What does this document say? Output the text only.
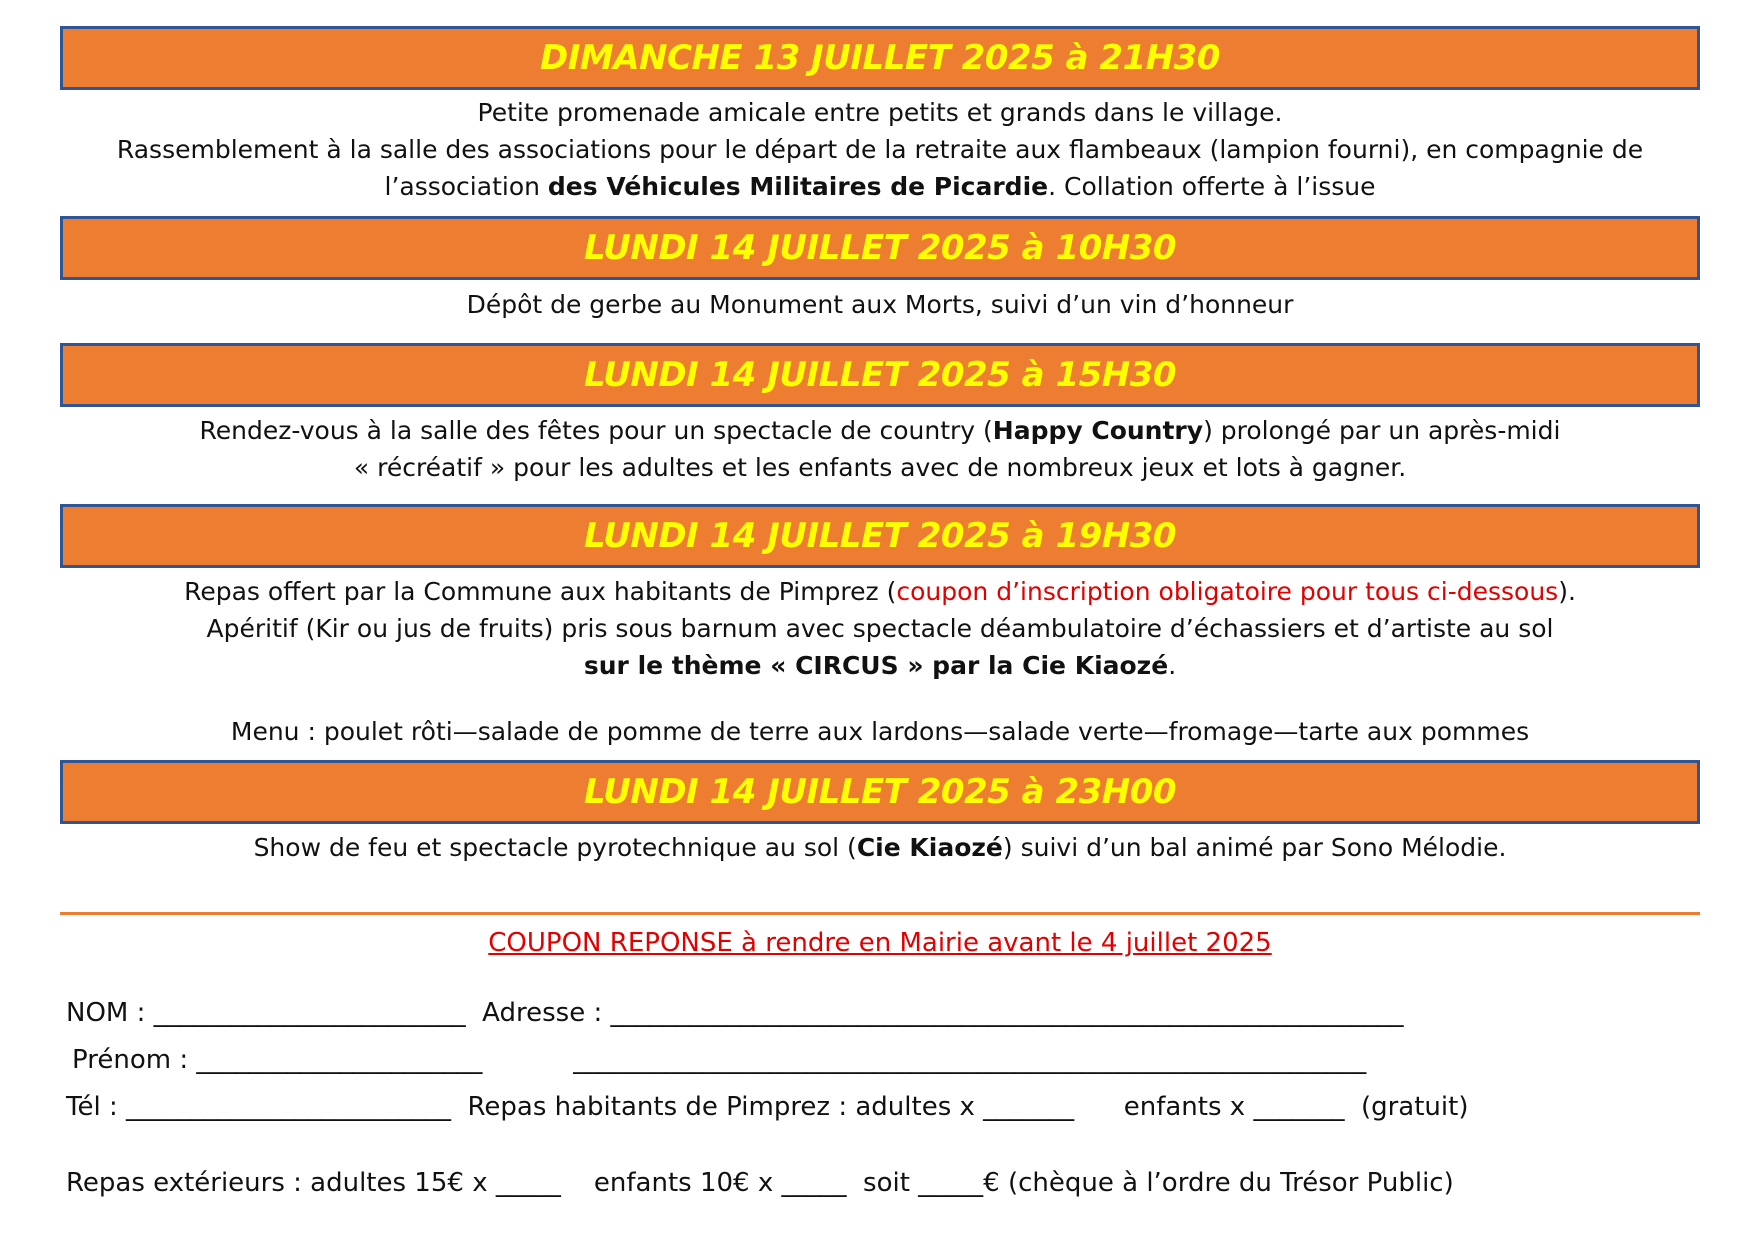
DIMANCHE 13 JUILLET 2025 à 21H30
Petite promenade amicale entre petits et grands dans le village.
Rassemblement à la salle des associations pour le départ de la retraite aux flambeaux (lampion fourni), en compagnie de
l’association des Véhicules Militaires de Picardie. Collation offerte à l’issue
LUNDI 14 JUILLET 2025 à 10H30
Dépôt de gerbe au Monument aux Morts, suivi d’un vin d’honneur
LUNDI 14 JUILLET 2025 à 15H30
Rendez-vous à la salle des fêtes pour un spectacle de country (Happy Country) prolongé par un après-midi
« récréatif » pour les adultes et les enfants avec de nombreux jeux et lots à gagner.
LUNDI 14 JUILLET 2025 à 19H30
Repas offert par la Commune aux habitants de Pimprez (coupon d’inscription obligatoire pour tous ci-dessous).
Apéritif (Kir ou jus de fruits) pris sous barnum avec spectacle déambulatoire d’échassiers et d’artiste au sol
sur le thème « CIRCUS » par la Cie Kiaozé.
Menu : poulet rôti—salade de pomme de terre aux lardons—salade verte—fromage—tarte aux pommes
LUNDI 14 JUILLET 2025 à 23H00
Show de feu et spectacle pyrotechnique au sol (Cie Kiaozé) suivi d’un bal animé par Sono Mélodie.
COUPON REPONSE à rendre en Mairie avant le 4 juillet 2025
NOM : ________________________  Adresse : _____________________________________________________________
Prénom : ______________________           _____________________________________________________________
Tél : _________________________  Repas habitants de Pimprez : adultes x _______      enfants x _______  (gratuit)
Repas extérieurs : adultes 15€ x _____    enfants 10€ x _____  soit _____€ (chèque à l’ordre du Trésor Public)
